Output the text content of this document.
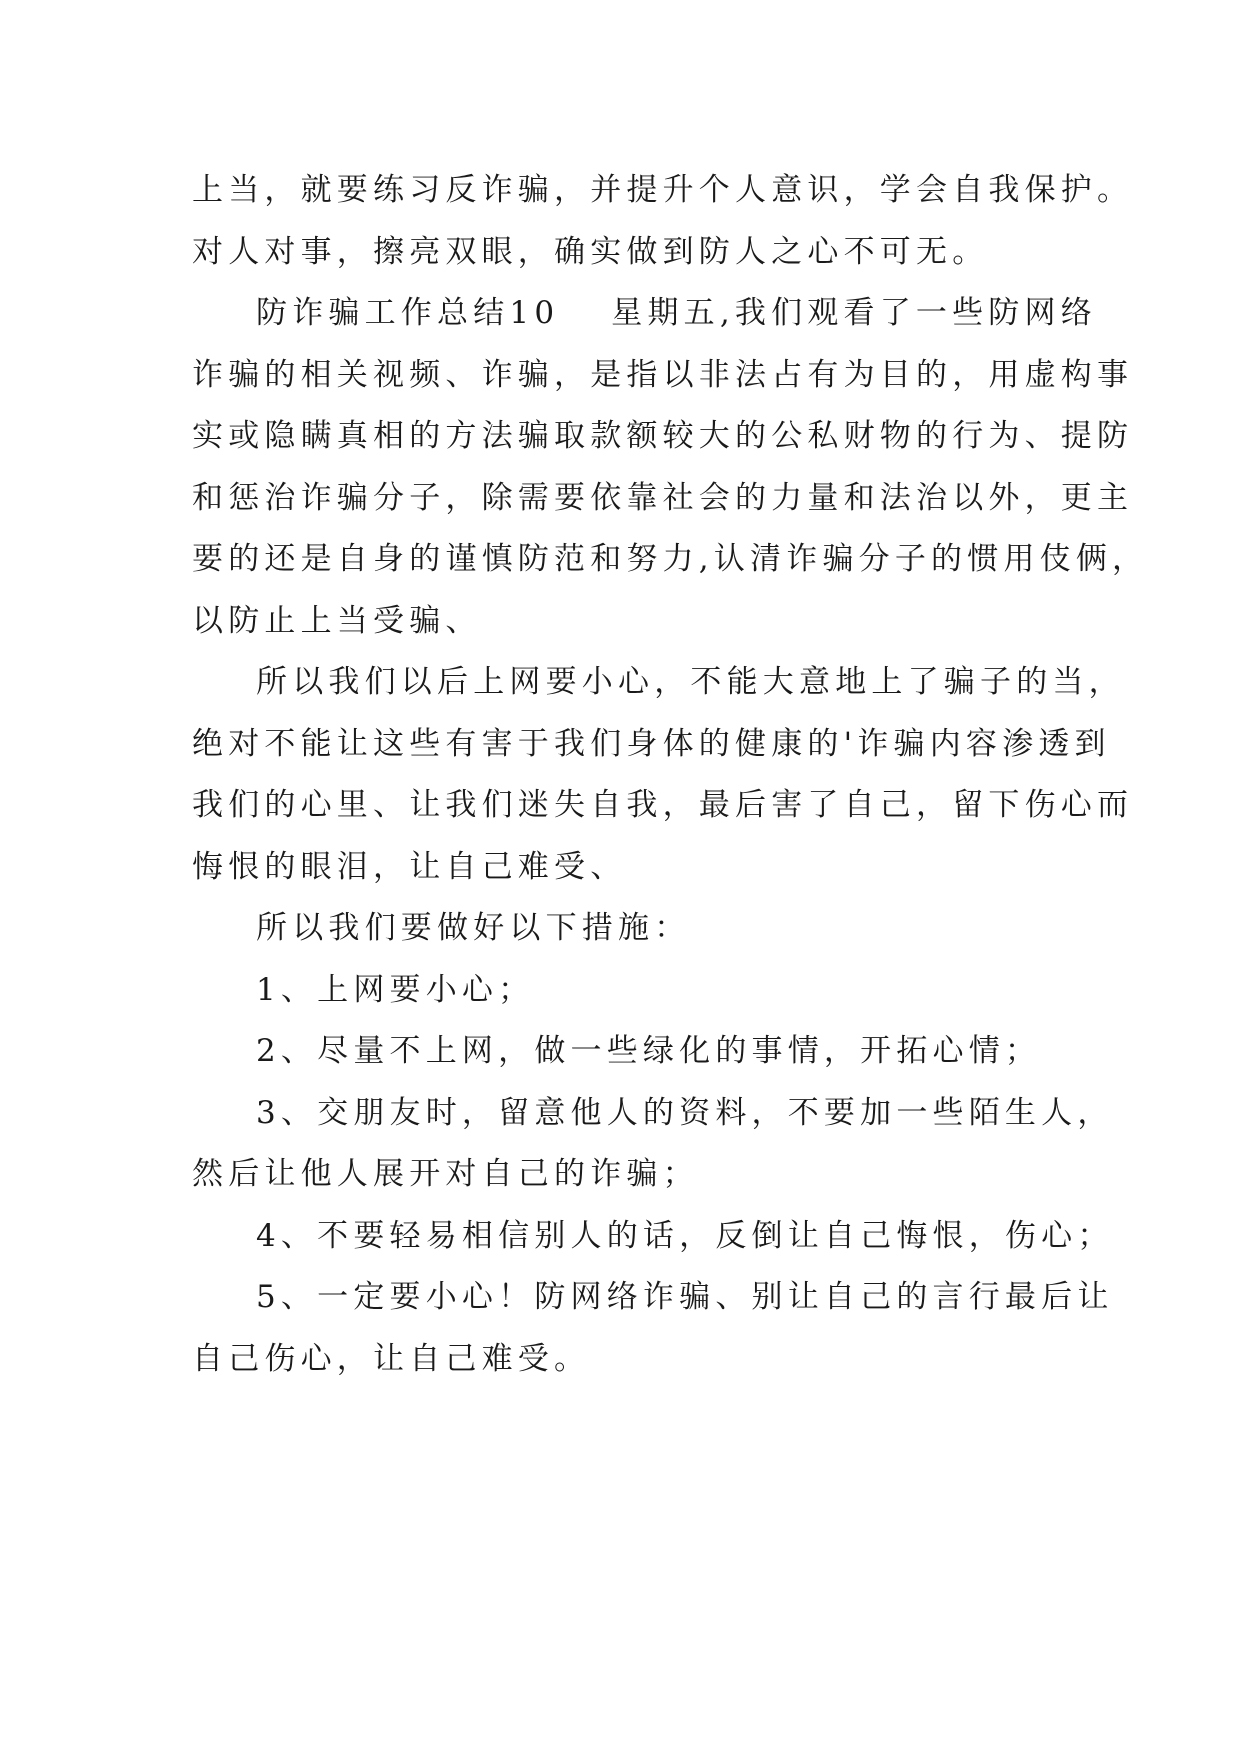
上当，就要练习反诈骗，并提升个人意识，学会自我保护。
对人对事，擦亮双眼，确实做到防人之心不可无。
防诈骗工作总结10 星期五,我们观看了一些防网络
诈骗的相关视频、诈骗，是指以非法占有为目的，用虚构事
实或隐瞒真相的方法骗取款额较大的公私财物的行为、提防
和惩治诈骗分子，除需要依靠社会的力量和法治以外，更主
要的还是自身的谨慎防范和努力,认清诈骗分子的惯用伎俩，
以防止上当受骗、
所以我们以后上网要小心，不能大意地上了骗子的当，
绝对不能让这些有害于我们身体的健康的'诈骗内容渗透到
我们的心里、让我们迷失自我，最后害了自己，留下伤心而
悔恨的眼泪，让自己难受、
所以我们要做好以下措施：
1、上网要小心；
2、尽量不上网，做一些绿化的事情，开拓心情；
3、交朋友时，留意他人的资料，不要加一些陌生人，
然后让他人展开对自己的诈骗；
4、不要轻易相信别人的话，反倒让自己悔恨，伤心；
5、一定要小心！防网络诈骗、别让自己的言行最后让
自己伤心，让自己难受。
